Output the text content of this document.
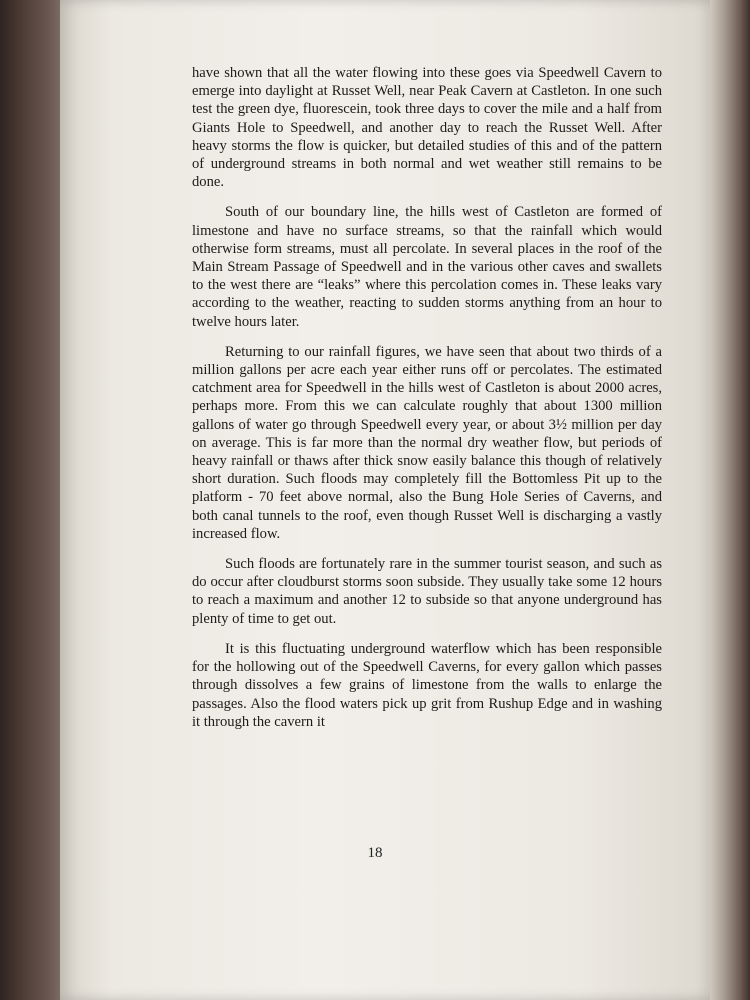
have shown that all the water flowing into these goes via Speedwell Cavern to emerge into daylight at Russet Well, near Peak Cavern at Castleton. In one such test the green dye, fluorescein, took three days to cover the mile and a half from Giants Hole to Speedwell, and another day to reach the Russet Well. After heavy storms the flow is quicker, but detailed studies of this and of the pattern of underground streams in both normal and wet weather still remains to be done.

South of our boundary line, the hills west of Castleton are formed of limestone and have no surface streams, so that the rainfall which would otherwise form streams, must all percolate. In several places in the roof of the Main Stream Passage of Speedwell and in the various other caves and swallets to the west there are “leaks” where this percolation comes in. These leaks vary according to the weather, reacting to sudden storms anything from an hour to twelve hours later.

Returning to our rainfall figures, we have seen that about two thirds of a million gallons per acre each year either runs off or percolates. The estimated catchment area for Speedwell in the hills west of Castleton is about 2000 acres, perhaps more. From this we can calculate roughly that about 1300 million gallons of water go through Speedwell every year, or about 3½ million per day on average. This is far more than the normal dry weather flow, but periods of heavy rainfall or thaws after thick snow easily balance this though of relatively short duration. Such floods may completely fill the Bottomless Pit up to the platform - 70 feet above normal, also the Bung Hole Series of Caverns, and both canal tunnels to the roof, even though Russet Well is discharging a vastly increased flow.

Such floods are fortunately rare in the summer tourist season, and such as do occur after cloudburst storms soon subside. They usually take some 12 hours to reach a maximum and another 12 to subside so that anyone underground has plenty of time to get out.

It is this fluctuating underground waterflow which has been responsible for the hollowing out of the Speedwell Caverns, for every gallon which passes through dissolves a few grains of limestone from the walls to enlarge the passages. Also the flood waters pick up grit from Rushup Edge and in washing it through the cavern it

18
